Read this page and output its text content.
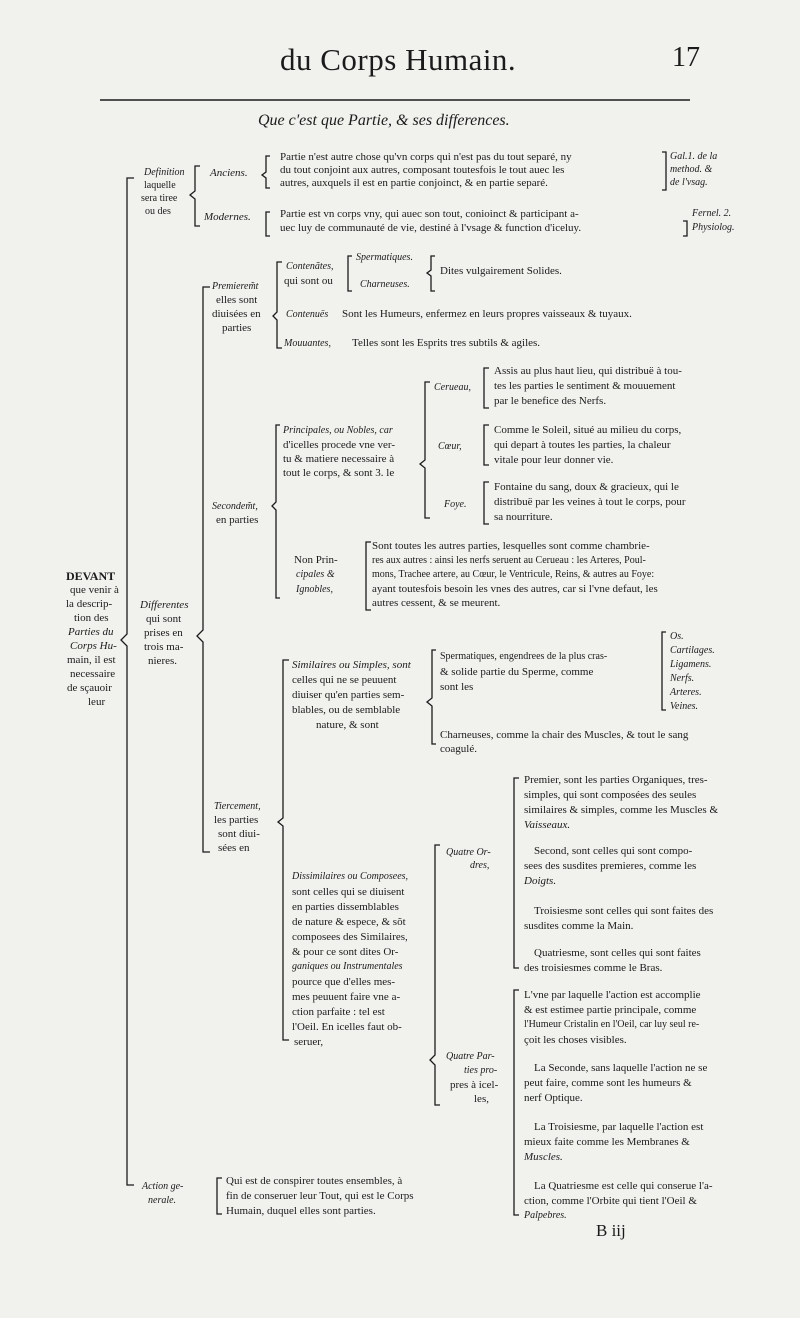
du Corps Humain.	17
Que c'est que Partie, & ses differences.
DEVANT
que venir à
la descrip-
tion des
Parties du
Corps Hu-
main, il est
necessaire
de sçauoir
leur
Definition
laquelle
sera tiree
ou des
Anciens.
Partie n'est autre chose qu'vn corps qui n'est pas du tout separé, ny
du tout conjoint aux autres, composant toutesfois le tout auec les
autres, auxquels il est en partie conjoinct, & en partie separé.
Gal.1. de la
method. &
de l'vsag.
Modernes.	Partie est vn corps vny, qui auec son tout, conioinct & participant a-
uec luy de communauté de vie, destiné à l'vsage & function d'iceluy.
Fernel. 2.
Physiolog.
Differentes
qui sont
prises en
trois ma-
nieres.
Premierem͏̃t
elles sont
diuisées en
parties
Contenãtes,
qui sont ou
Spermatiques.
Charneuses.
Dites vulgairement Solides.
Contenuës Sont les Humeurs, enfermez en leurs propres vaisseaux & tuyaux.
Mouuantes, Telles sont les Esprits tres subtils & agiles.
Secondem͏̃t,
en parties
Principales, ou Nobles, car
d'icelles procede vne ver-
tu & matiere necessaire à
tout le corps, & sont 3. le
Cerueau,
Assis au plus haut lieu, qui distribuë à tou-
tes les parties le sentiment & mouuement
par le benefice des Nerfs.
Cœur,
Comme le Soleil, situé au milieu du corps,
qui depart à toutes les parties, la chaleur
vitale pour leur donner vie.
Foye.
Fontaine du sang, doux & gracieux, qui le
distribuë par les veines à tout le corps, pour
sa nourriture.
Non Prin-
cipales &
Ignobles,
Sont toutes les autres parties, lesquelles sont comme chambrie-
res aux autres : ainsi les nerfs seruent au Cerueau : les Arteres, Poul-
mons, Trachee artere, au Cœur, le Ventricule, Reins, & autres au Foye:
ayant toutesfois besoin les vnes des autres, car si l'vne defaut, les
autres cessent, & se meurent.
Tiercement,
les parties
sont diui-
sées en
Similaires ou Simples, sont
celles qui ne se peuuent
diuiser qu'en parties sem-
blables, ou de semblable
nature, & sont
Spermatiques, engendrees de la plus cras-
& solide partie du Sperme, comme
sont les
Os.
Cartilages.
Ligamens.
Nerfs.
Arteres.
Veines.
Charneuses, comme la chair des Muscles, & tout le sang
coagulé.
Dissimilaires ou Composees,
sont celles qui se diuisent
en parties dissemblables
de nature & espece, & sõt
composees des Similaires,
& pour ce sont dites Or-
ganiques ou Instrumentales
pource que d'elles mes-
mes peuuent faire vne a-
ction parfaite : tel est
l'Oeil. En icelles faut ob-
seruer,
Quatre Or-
dres,
Premier, sont les parties Organiques, tres-
simples, qui sont composées des seules
similaires & simples, comme les Muscles &
Vaisseaux.
Second, sont celles qui sont compo-
sees des susdites premieres, comme les
Doigts.
Troisiesme sont celles qui sont faites des
susdites comme la Main.
Quatriesme, sont celles qui sont faites
des troisiesmes comme le Bras.
Quatre Par-
ties pro-
pres à icel-
les,
L'vne par laquelle l'action est accomplie
& est estimee partie principale, comme
l'Humeur Cristalin en l'Oeil, car luy seul re-
çoit les choses visibles.
La Seconde, sans laquelle l'action ne se
peut faire, comme sont les humeurs &
nerf Optique.
La Troisiesme, par laquelle l'action est
mieux faite comme les Membranes &
Muscles.
La Quatriesme est celle qui conserue l'a-
ction, comme l'Orbite qui tient l'Oeil &
Palpebres.
Action ge-
nerale.
Qui est de conspirer toutes ensembles, à
fin de conseruer leur Tout, qui est le Corps
Humain, duquel elles sont parties.
B iij
